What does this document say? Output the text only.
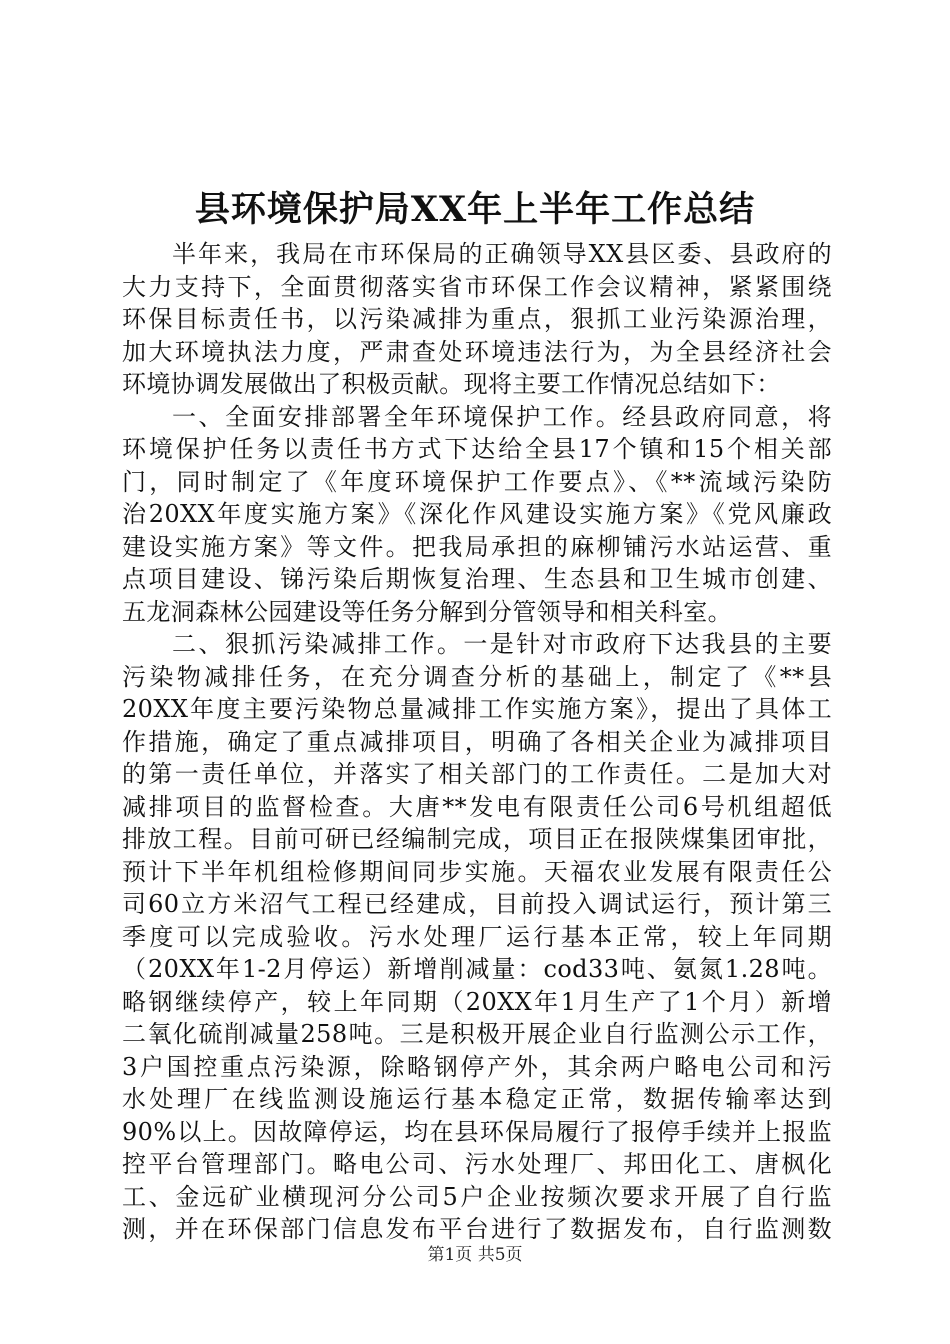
县环境保护局XX年上半年工作总结
半年来，我局在市环保局的正确领导XX县区委、县政府的
大力支持下，全面贯彻落实省市环保工作会议精神，紧紧围绕
环保目标责任书，以污染减排为重点，狠抓工业污染源治理，
加大环境执法力度，严肃查处环境违法行为，为全县经济社会
环境协调发展做出了积极贡献。现将主要工作情况总结如下：
一、全面安排部署全年环境保护工作。经县政府同意，将
环境保护任务以责任书方式下达给全县17个镇和15个相关部
门，同时制定了《年度环境保护工作要点》、《**流域污染防
治20XX年度实施方案》《深化作风建设实施方案》《党风廉政
建设实施方案》等文件。把我局承担的麻柳铺污水站运营、重
点项目建设、锑污染后期恢复治理、生态县和卫生城市创建、
五龙洞森林公园建设等任务分解到分管领导和相关科室。
二、狠抓污染减排工作。一是针对市政府下达我县的主要
污染物减排任务，在充分调查分析的基础上，制定了《**县
20XX年度主要污染物总量减排工作实施方案》，提出了具体工
作措施，确定了重点减排项目，明确了各相关企业为减排项目
的第一责任单位，并落实了相关部门的工作责任。二是加大对
减排项目的监督检查。大唐**发电有限责任公司6号机组超低
排放工程。目前可研已经编制完成，项目正在报陕煤集团审批，
预计下半年机组检修期间同步实施。天福农业发展有限责任公
司60立方米沼气工程已经建成，目前投入调试运行，预计第三
季度可以完成验收。污水处理厂运行基本正常，较上年同期
（20XX年1-2月停运）新增削减量：cod33吨、氨氮1.28吨。
略钢继续停产，较上年同期（20XX年1月生产了1个月）新增
二氧化硫削减量258吨。三是积极开展企业自行监测公示工作，
3户国控重点污染源，除略钢停产外，其余两户略电公司和污
水处理厂在线监测设施运行基本稳定正常，数据传输率达到
90%以上。因故障停运，均在县环保局履行了报停手续并上报监
控平台管理部门。略电公司、污水处理厂、邦田化工、唐枫化
工、金远矿业横现河分公司5户企业按频次要求开展了自行监
测，并在环保部门信息发布平台进行了数据发布，自行监测数
第1页 共5页
